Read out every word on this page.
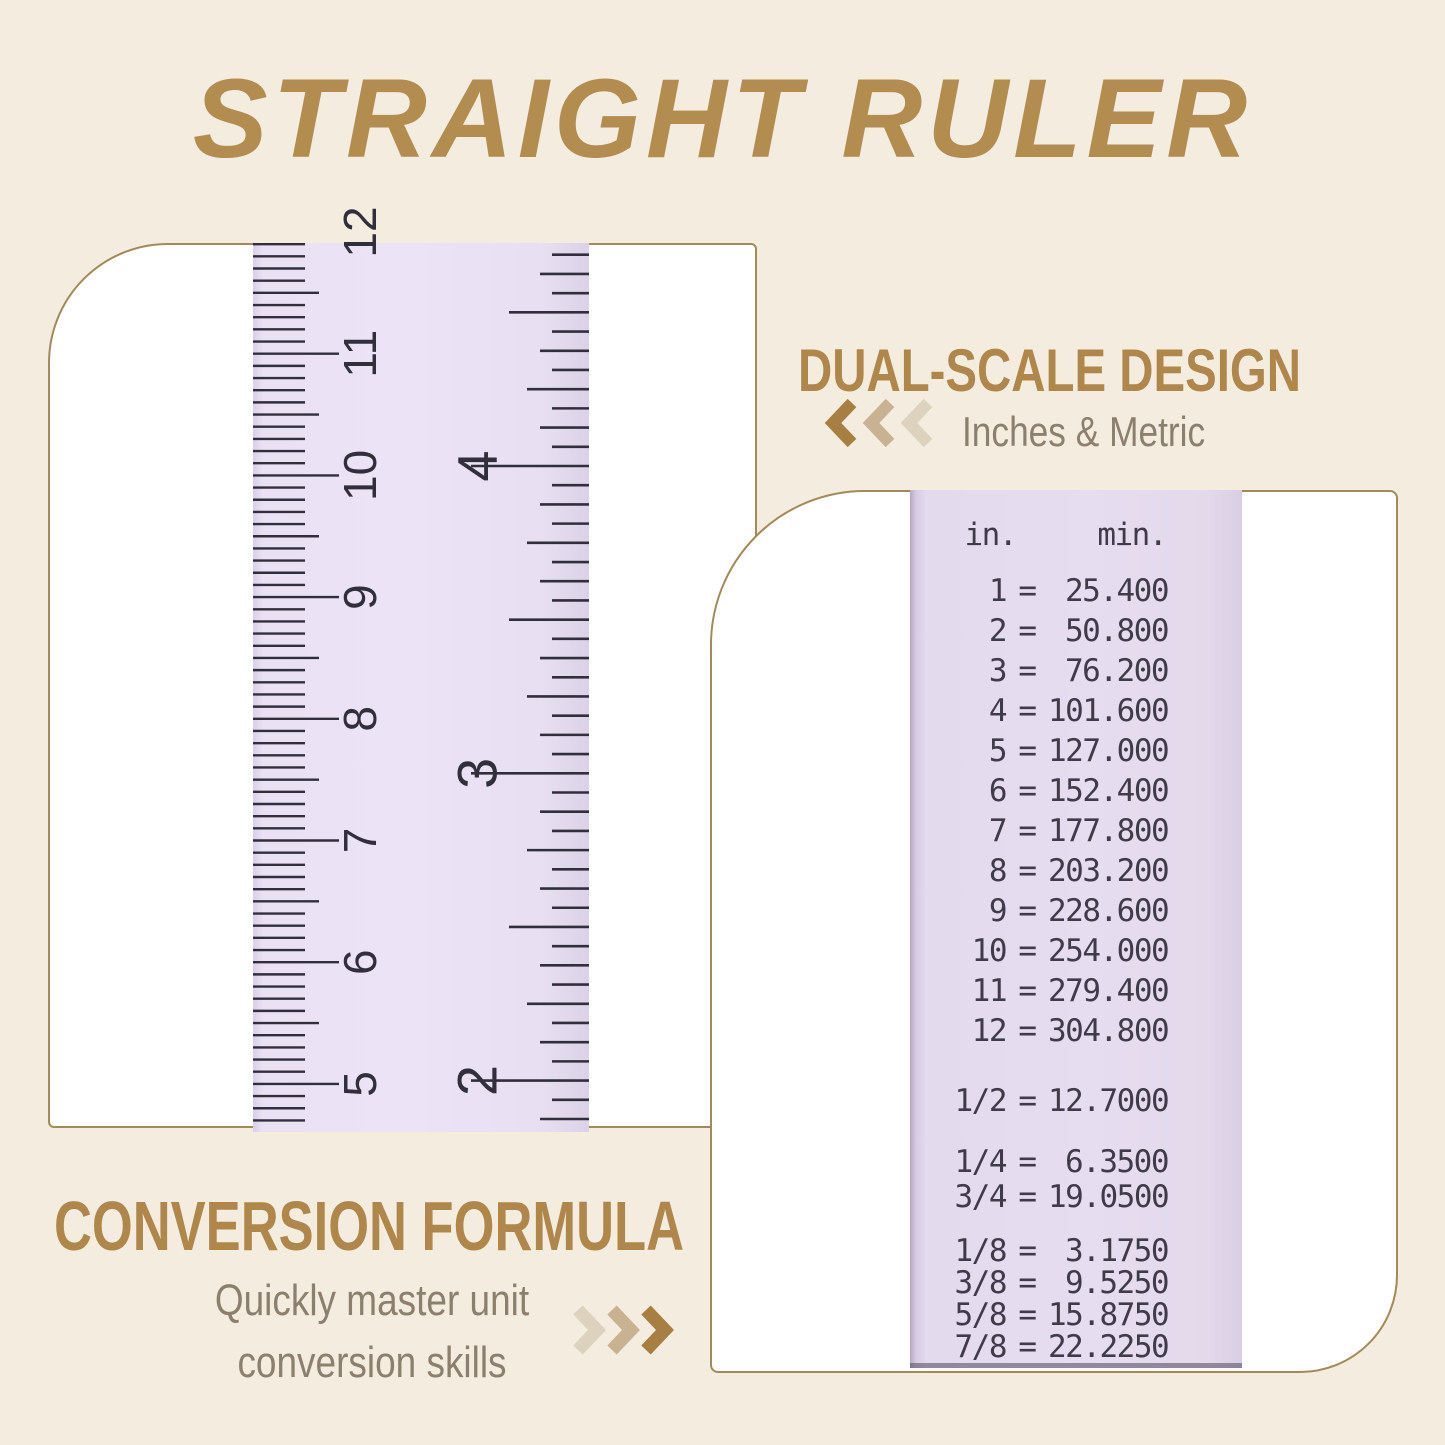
STRAIGHT RULER
12
11
10
9
8
7
6
5
4
3
2
in.	min.
1 = 25.400
2 = 50.800
3 = 76.200
4 = 101.600
5 = 127.000
6 = 152.400
7 = 177.800
8 = 203.200
9 = 228.600
10 = 254.000
11 = 279.400
12 = 304.800
1/2 = 12.7000
1/4 = 6.3500
3/4 = 19.0500
1/8 = 3.1750
3/8 = 9.5250
5/8 = 15.8750
7/8 = 22.2250
DUAL-SCALE DESIGN
Inches & Metric
CONVERSION FORMULA
Quickly master unit
conversion skills
